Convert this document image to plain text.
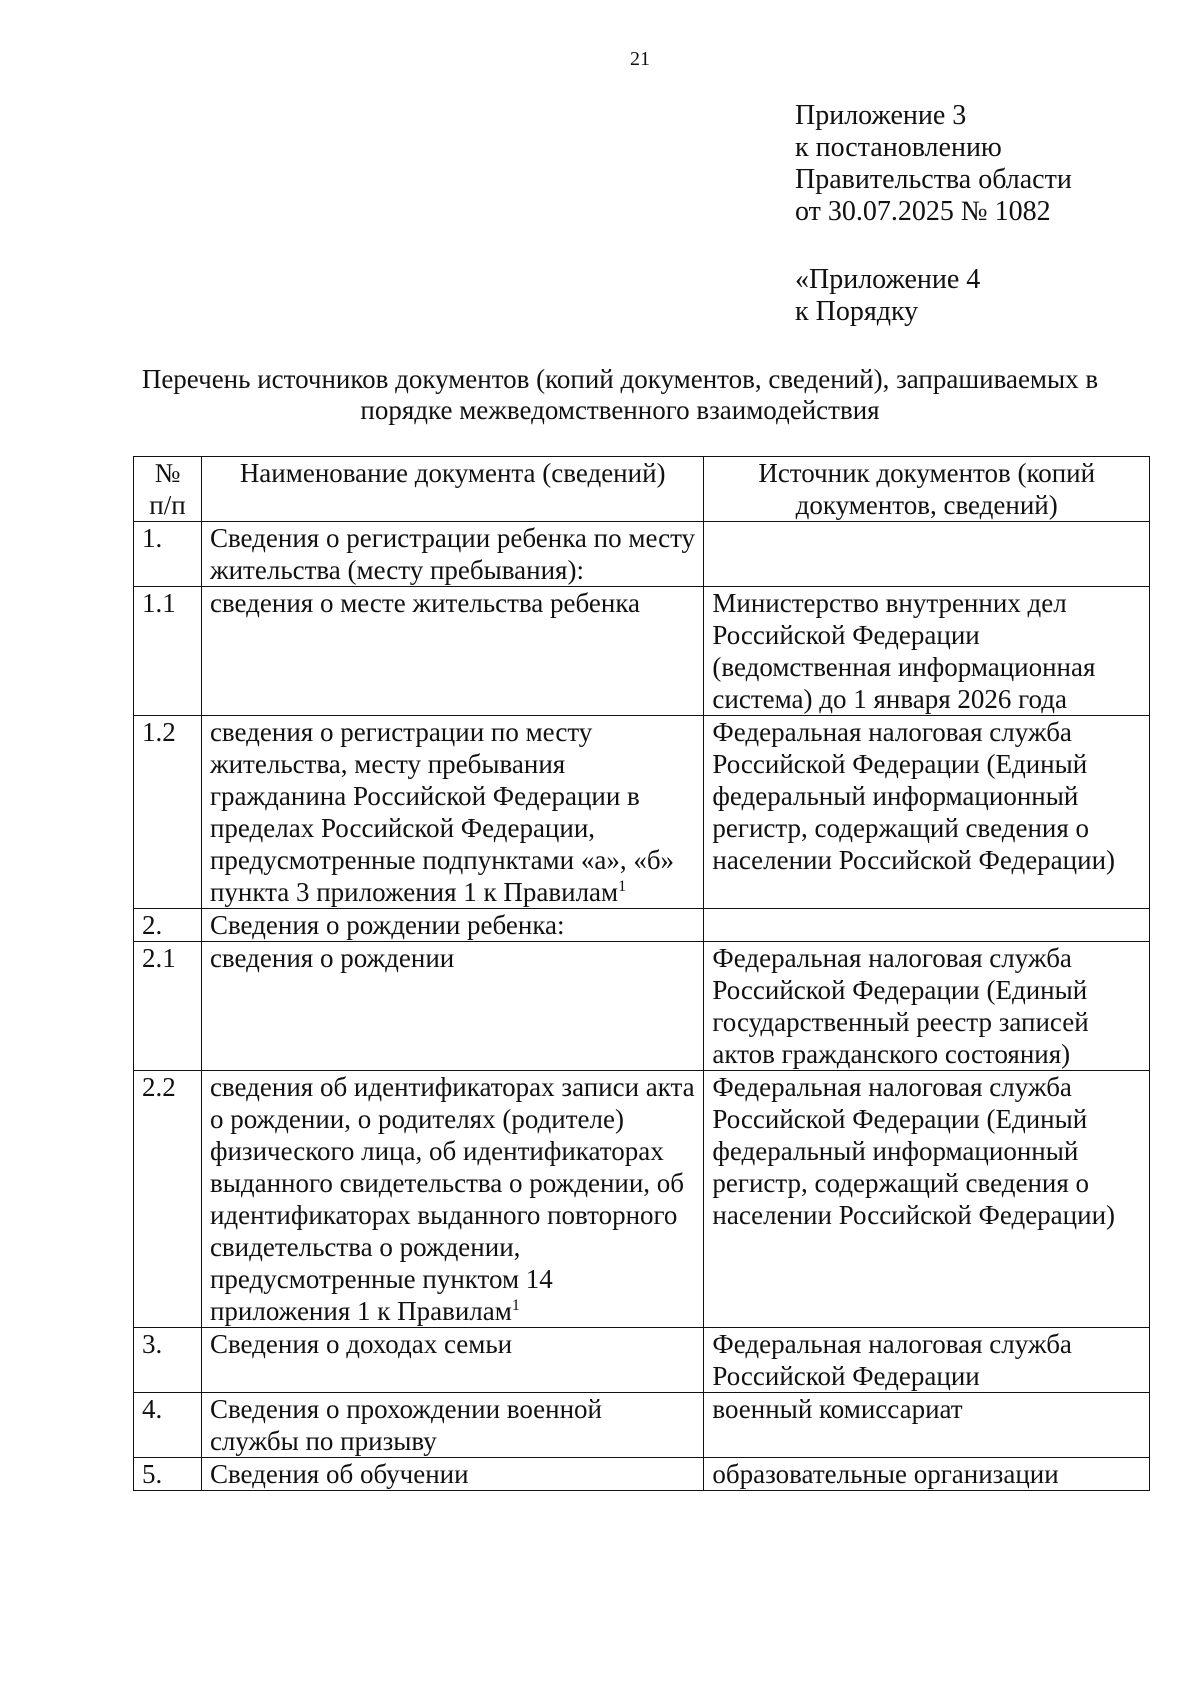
21
Приложение 3
к постановлению
Правительства области
от 30.07.2025 № 1082
«Приложение 4
к Порядку
Перечень источников документов (копий документов, сведений), запрашиваемых в порядке межведомственного взаимодействия
№ п/п	Наименование документа (сведений)	Источник документов (копий документов, сведений)
1.	Сведения о регистрации ребенка по месту жительства (месту пребывания):	
1.1	сведения о месте жительства ребенка	Министерство внутренних дел Российской Федерации (ведомственная информационная система) до 1 января 2026 года
1.2	сведения о регистрации по месту жительства, месту пребывания гражданина Российской Федерации в пределах Российской Федерации, предусмотренные подпунктами «а», «б» пункта 3 приложения 1 к Правилам$^1$	Федеральная налоговая служба Российской Федерации (Единый федеральный информационный регистр, содержащий сведения о населении Российской Федерации)
2.	Сведения о рождении ребенка:	
2.1	сведения о рождении	Федеральная налоговая служба Российской Федерации (Единый государственный реестр записей актов гражданского состояния)
2.2	сведения об идентификаторах записи акта о рождении, о родителях (родителе) физического лица, об идентификаторах выданного свидетельства о рождении, об идентификаторах выданного повторного свидетельства о рождении, предусмотренные пунктом 14 приложения 1 к Правилам$^1$	Федеральная налоговая служба Российской Федерации (Единый федеральный информационный регистр, содержащий сведения о населении Российской Федерации)
3.	Сведения о доходах семьи	Федеральная налоговая служба Российской Федерации
4.	Сведения о прохождении военной службы по призыву	военный комиссариат
5.	Сведения об обучении	образовательные организации
